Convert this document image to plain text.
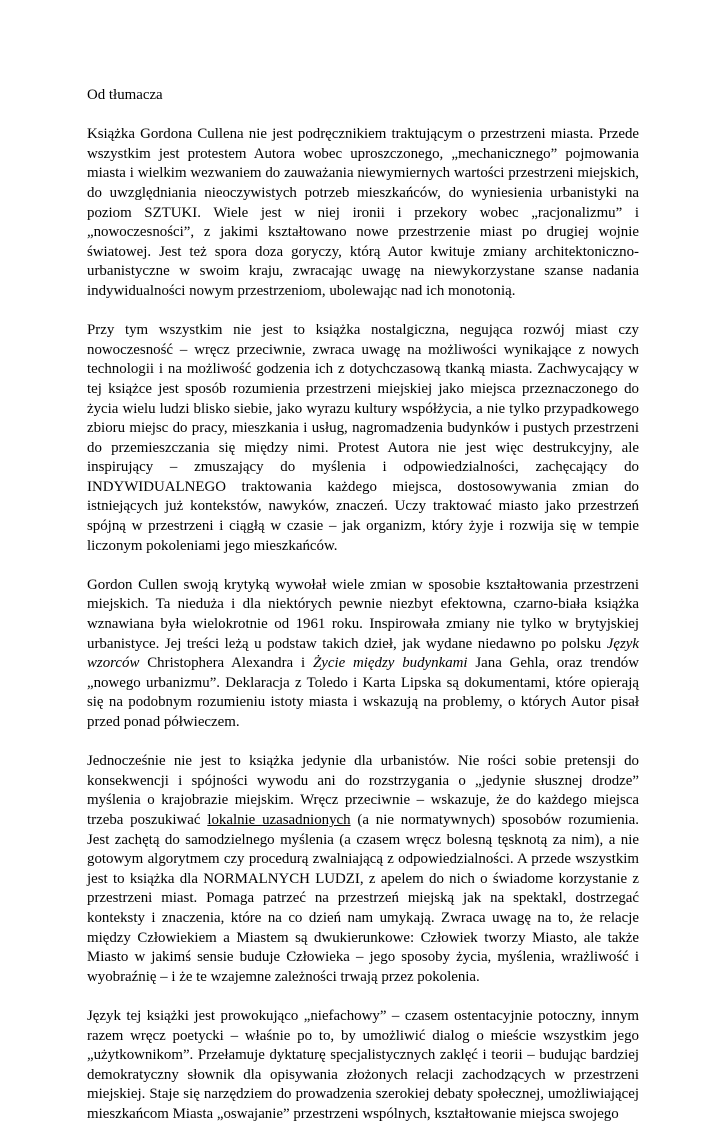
Od tłumacza

Książka Gordona Cullena nie jest podręcznikiem traktującym o przestrzeni miasta. Przede wszystkim jest protestem Autora wobec uproszczonego, „mechanicznego” pojmowania miasta i wielkim wezwaniem do zauważania niewymiernych wartości przestrzeni miejskich, do uwzględniania nieoczywistych potrzeb mieszkańców, do wyniesienia urbanistyki na poziom SZTUKI. Wiele jest w niej ironii i przekory wobec „racjonalizmu” i „nowoczesności”, z jakimi kształtowano nowe przestrzenie miast po drugiej wojnie światowej. Jest też spora doza goryczy, którą Autor kwituje zmiany architektoniczno-urbanistyczne w swoim kraju, zwracając uwagę na niewykorzystane szanse nadania indywidualności nowym przestrzeniom, ubolewając nad ich monotonią.

Przy tym wszystkim nie jest to książka nostalgiczna, negująca rozwój miast czy nowoczesność – wręcz przeciwnie, zwraca uwagę na możliwości wynikające z nowych technologii i na możliwość godzenia ich z dotychczasową tkanką miasta. Zachwycający w tej książce jest sposób rozumienia przestrzeni miejskiej jako miejsca przeznaczonego do życia wielu ludzi blisko siebie, jako wyrazu kultury współżycia, a nie tylko przypadkowego zbioru miejsc do pracy, mieszkania i usług, nagromadzenia budynków i pustych przestrzeni do przemieszczania się między nimi. Protest Autora nie jest więc destrukcyjny, ale inspirujący – zmuszający do myślenia i odpowiedzialności, zachęcający do INDYWIDUALNEGO traktowania każdego miejsca, dostosowywania zmian do istniejących już kontekstów, nawyków, znaczeń. Uczy traktować miasto jako przestrzeń spójną w przestrzeni i ciągłą w czasie – jak organizm, który żyje i rozwija się w tempie liczonym pokoleniami jego mieszkańców.

Gordon Cullen swoją krytyką wywołał wiele zmian w sposobie kształtowania przestrzeni miejskich. Ta nieduża i dla niektórych pewnie niezbyt efektowna, czarno-biała książka wznawiana była wielokrotnie od 1961 roku. Inspirowała zmiany nie tylko w brytyjskiej urbanistyce. Jej treści leżą u podstaw takich dzieł, jak wydane niedawno po polsku Język wzorców Christophera Alexandra i Życie między budynkami Jana Gehla, oraz trendów „nowego urbanizmu”. Deklaracja z Toledo i Karta Lipska są dokumentami, które opierają się na podobnym rozumieniu istoty miasta i wskazują na problemy, o których Autor pisał przed ponad półwieczem.

Jednocześnie nie jest to książka jedynie dla urbanistów. Nie rości sobie pretensji do konsekwencji i spójności wywodu ani do rozstrzygania o „jedynie słusznej drodze” myślenia o krajobrazie miejskim. Wręcz przeciwnie – wskazuje, że do każdego miejsca trzeba poszukiwać lokalnie uzasadnionych (a nie normatywnych) sposobów rozumienia. Jest zachętą do samodzielnego myślenia (a czasem wręcz bolesną tęsknotą za nim), a nie gotowym algorytmem czy procedurą zwalniającą z odpowiedzialności. A przede wszystkim jest to książka dla NORMALNYCH LUDZI, z apelem do nich o świadome korzystanie z przestrzeni miast. Pomaga patrzeć na przestrzeń miejską jak na spektakl, dostrzegać konteksty i znaczenia, które na co dzień nam umykają. Zwraca uwagę na to, że relacje między Człowiekiem a Miastem są dwukierunkowe: Człowiek tworzy Miasto, ale także Miasto w jakimś sensie buduje Człowieka – jego sposoby życia, myślenia, wrażliwość i wyobraźnię – i że te wzajemne zależności trwają przez pokolenia.

Język tej książki jest prowokująco „niefachowy” – czasem ostentacyjnie potoczny, innym razem wręcz poetycki – właśnie po to, by umożliwić dialog o mieście wszystkim jego „użytkownikom”. Przełamuje dyktaturę specjalistycznych zaklęć i teorii – budując bardziej demokratyczny słownik dla opisywania złożonych relacji zachodzących w przestrzeni miejskiej. Staje się narzędziem do prowadzenia szerokiej debaty społecznej, umożliwiającej mieszkańcom Miasta „oswajanie” przestrzeni wspólnych, kształtowanie miejsca swojego
